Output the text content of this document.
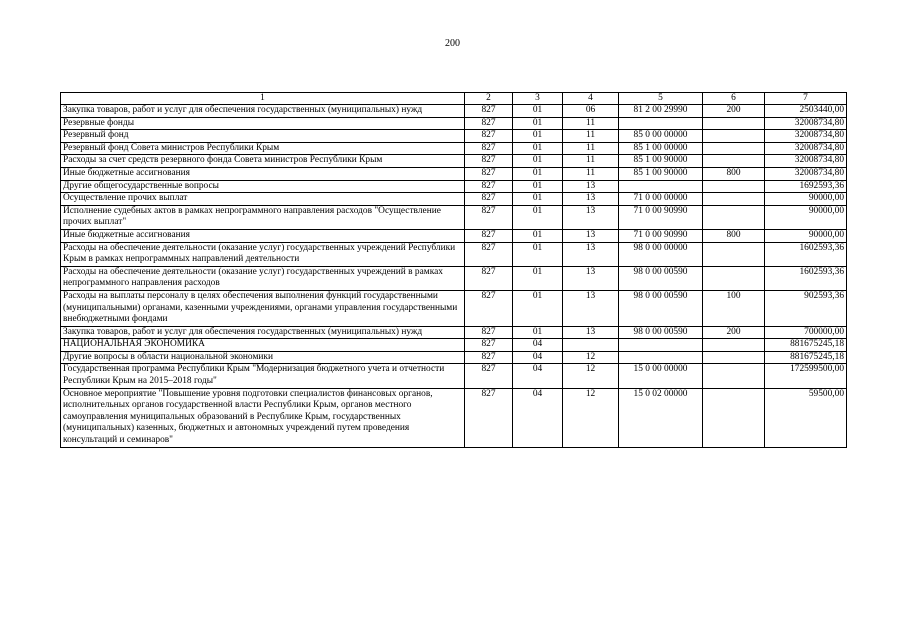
200
1	2	3	4	5	6	7
Закупка товаров, работ и услуг для обеспечения государственных (муниципальных) нужд	827	01	06	81 2 00 29990	200	2503440,00
Резервные фонды	827	01	11			32008734,80
Резервный фонд	827	01	11	85 0 00 00000		32008734,80
Резервный фонд Совета министров Республики Крым	827	01	11	85 1 00 00000		32008734,80
Расходы за счет средств резервного фонда Совета министров Республики Крым	827	01	11	85 1 00 90000		32008734,80
Иные бюджетные ассигнования	827	01	11	85 1 00 90000	800	32008734,80
Другие общегосударственные вопросы	827	01	13			1692593,36
Осуществление прочих выплат	827	01	13	71 0 00 00000		90000,00
Исполнение судебных актов в рамках непрограммного направления расходов "Осуществление прочих выплат"	827	01	13	71 0 00 90990		90000,00
Иные бюджетные ассигнования	827	01	13	71 0 00 90990	800	90000,00
Расходы на обеспечение деятельности (оказание услуг) государственных учреждений Республики Крым в рамках непрограммных направлений деятельности	827	01	13	98 0 00 00000		1602593,36
Расходы на обеспечение деятельности (оказание услуг) государственных учреждений в рамках непрограммного направления расходов	827	01	13	98 0 00 00590		1602593,36
Расходы на выплаты персоналу в целях обеспечения выполнения функций государственными (муниципальными) органами, казенными учреждениями, органами управления государственными внебюджетными фондами	827	01	13	98 0 00 00590	100	902593,36
Закупка товаров, работ и услуг для обеспечения государственных (муниципальных) нужд	827	01	13	98 0 00 00590	200	700000,00
НАЦИОНАЛЬНАЯ ЭКОНОМИКА	827	04				881675245,18
Другие вопросы в области национальной экономики	827	04	12			881675245,18
Государственная программа Республики Крым "Модернизация бюджетного учета и отчетности Республики Крым на 2015–2018 годы"	827	04	12	15 0 00 00000		172599500,00
Основное мероприятие "Повышение уровня подготовки специалистов финансовых органов, исполнительных органов государственной власти Республики Крым, органов местного самоуправления муниципальных образований в Республике Крым, государственных (муниципальных) казенных, бюджетных и автономных учреждений путем проведения консультаций и семинаров"	827	04	12	15 0 02 00000		59500,00
